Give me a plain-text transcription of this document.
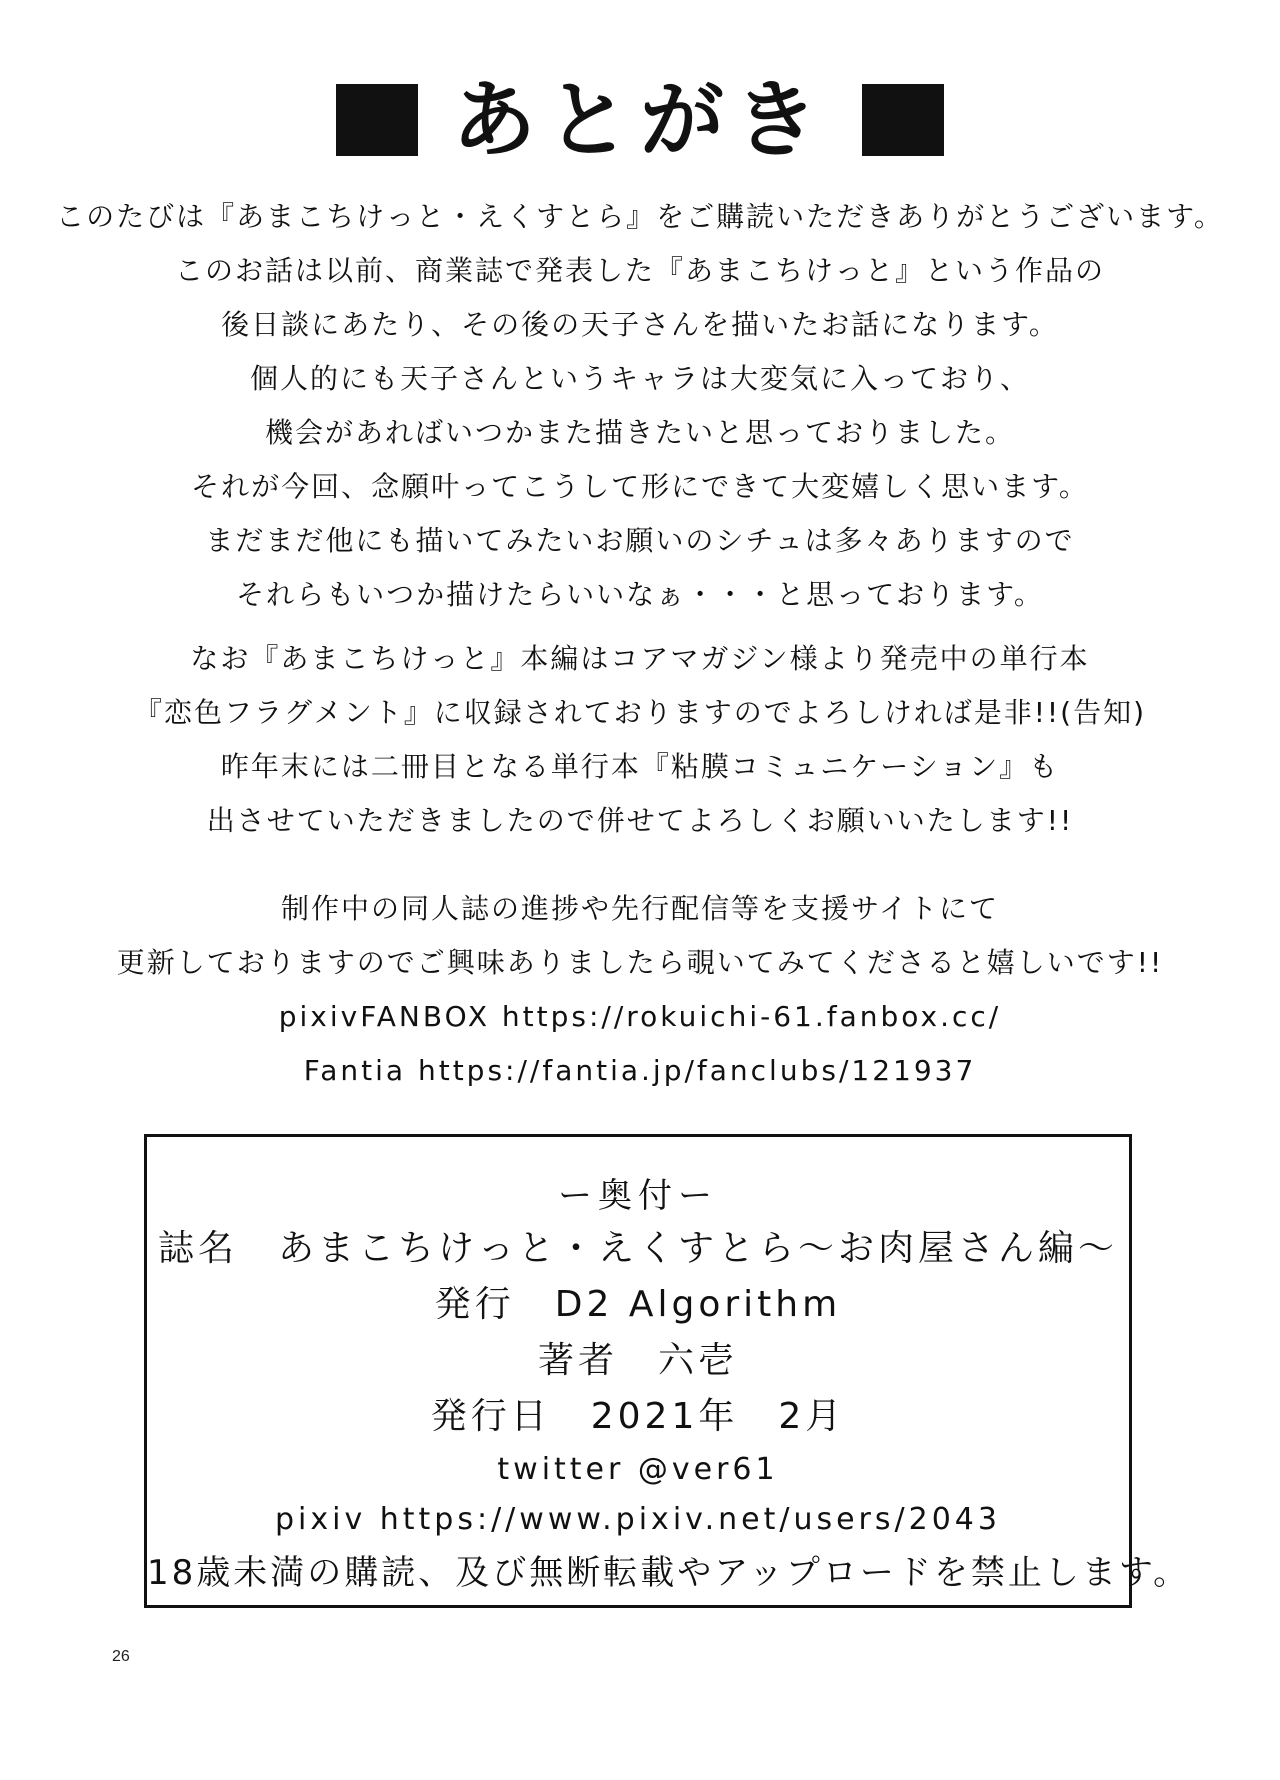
あとがき

このたびは『あまこちけっと・えくすとら』をご購読いただきありがとうございます。

このお話は以前、商業誌で発表した『あまこちけっと』という作品の

後日談にあたり、その後の天子さんを描いたお話になります。

個人的にも天子さんというキャラは大変気に入っており、

機会があればいつかまた描きたいと思っておりました。

それが今回、念願叶ってこうして形にできて大変嬉しく思います。

まだまだ他にも描いてみたいお願いのシチュは多々ありますので

それらもいつか描けたらいいなぁ・・・と思っております。

なお『あまこちけっと』本編はコアマガジン様より発売中の単行本

『恋色フラグメント』に収録されておりますのでよろしければ是非!!(告知)

昨年末には二冊目となる単行本『粘膜コミュニケーション』も

出させていただきましたので併せてよろしくお願いいたします!!

制作中の同人誌の進捗や先行配信等を支援サイトにて

更新しておりますのでご興味ありましたら覗いてみてくださると嬉しいです!!

pixivFANBOX https://rokuichi-61.fanbox.cc/

Fantia https://fantia.jp/fanclubs/121937

ー奥付ー

誌名　あまこちけっと・えくすとら〜お肉屋さん編〜

発行　D2 Algorithm

著者　六壱

発行日　2021年　2月

twitter @ver61

pixiv https://www.pixiv.net/users/2043

18歳未満の購読、及び無断転載やアップロードを禁止します。

26
